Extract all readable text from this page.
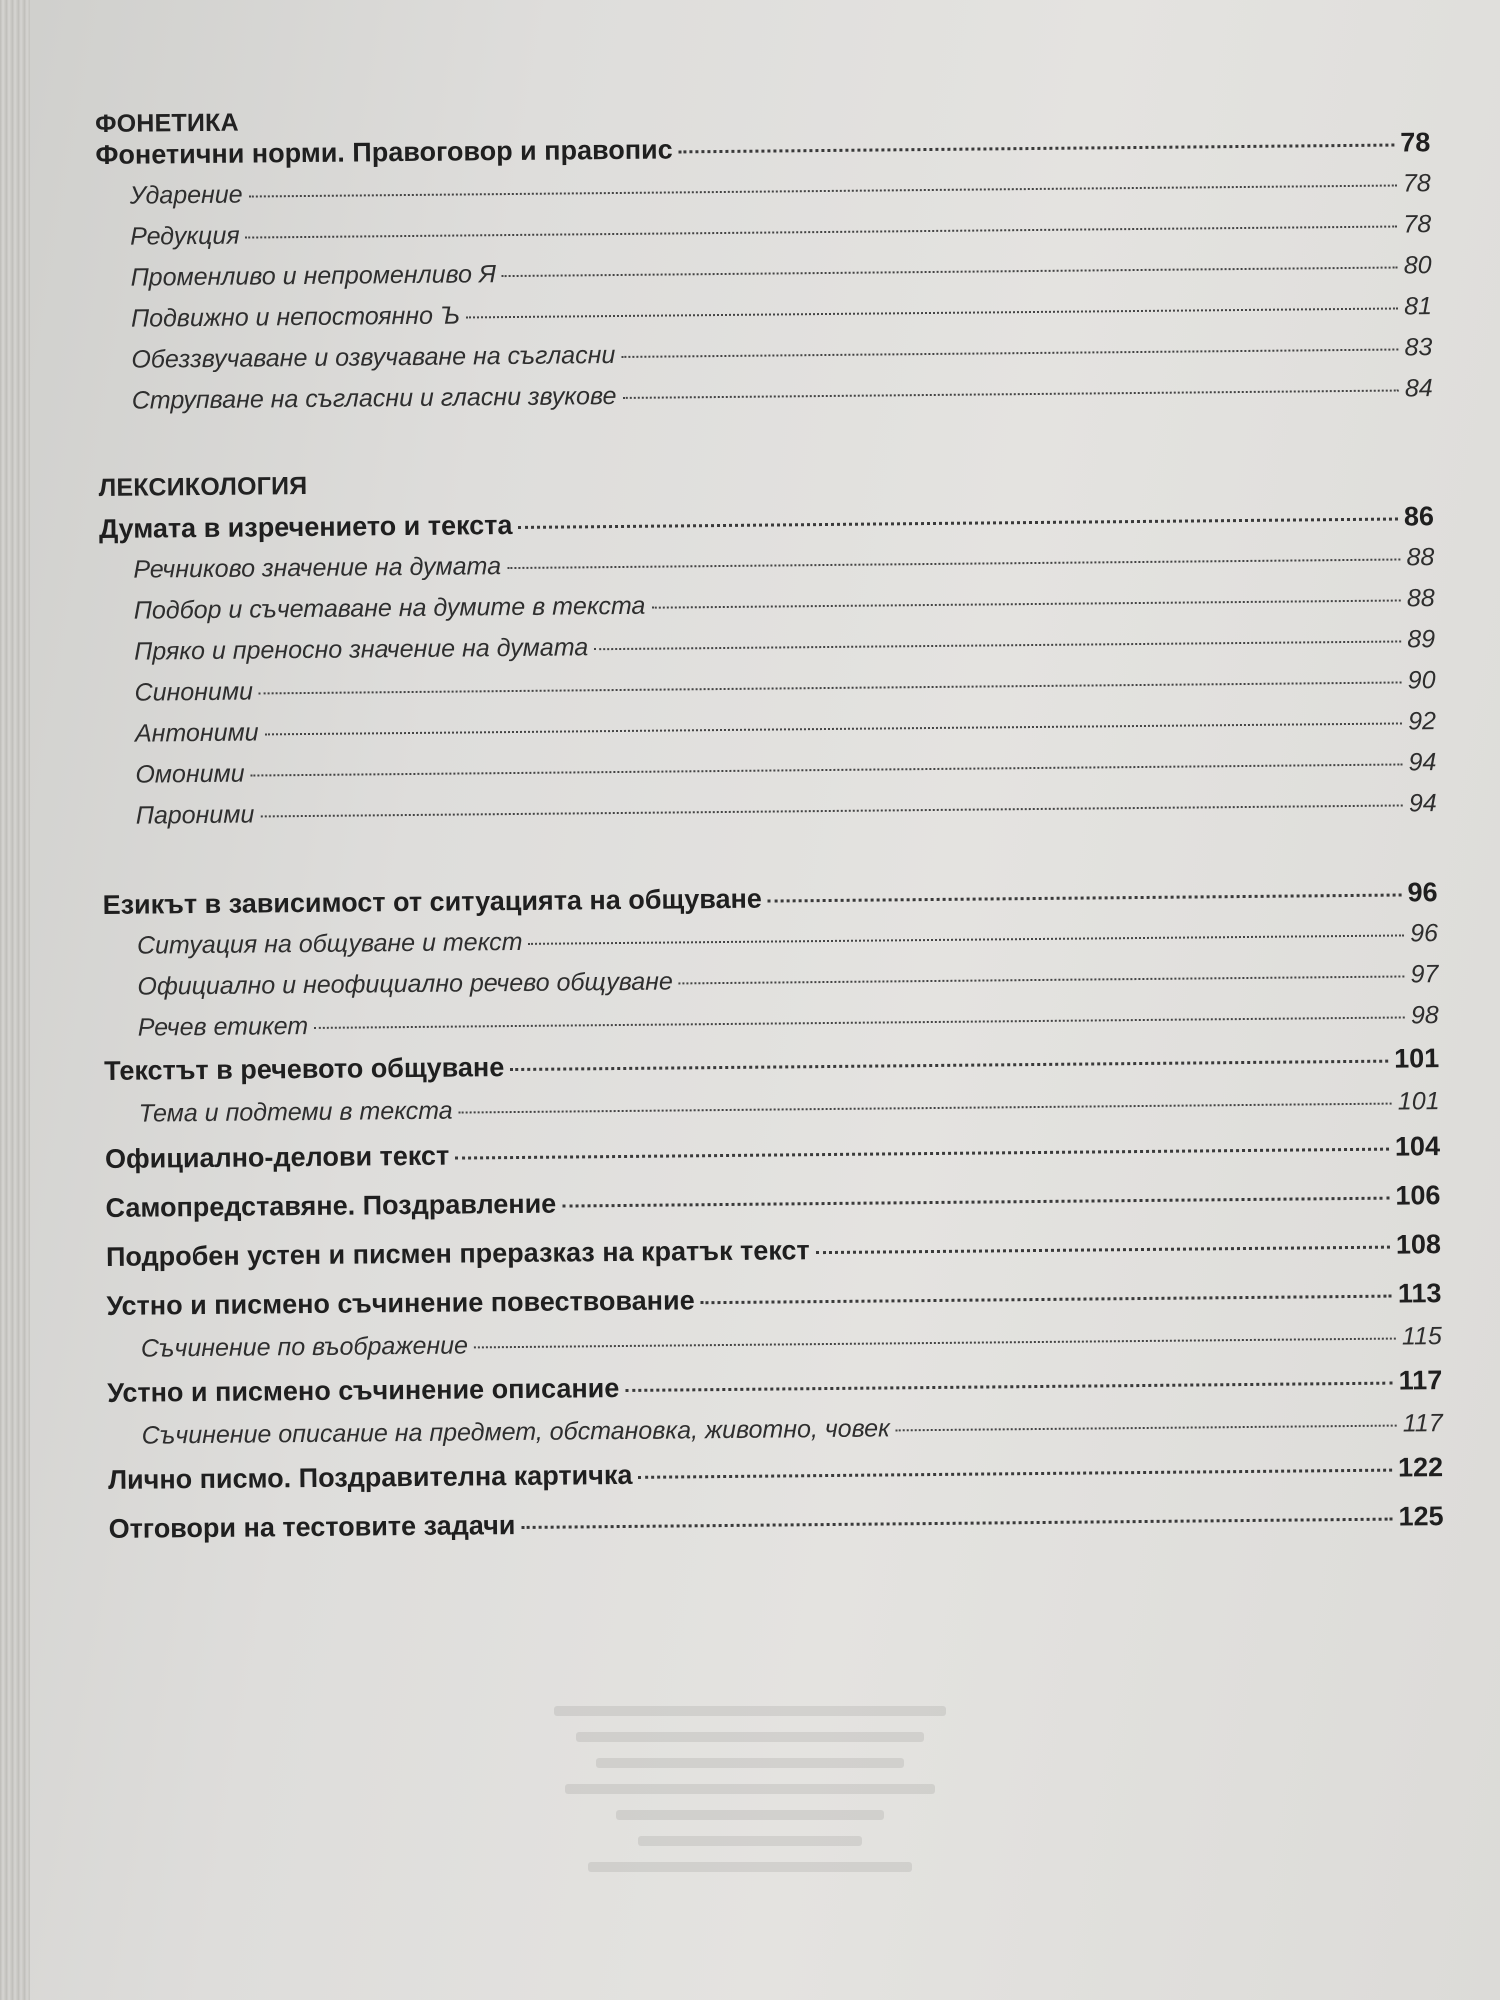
ФОНЕТИКА
Фонетични норми. Правоговор и правопис	78
Ударение	78
Редукция	78
Променливо и непроменливо Я	80
Подвижно и непостоянно Ъ	81
Обеззвучаване и озвучаване на съгласни	83
Струпване на съгласни и гласни звукове	84
ЛЕКСИКОЛОГИЯ
Думата в изречението и текста	86
Речниково значение на думата	88
Подбор и съчетаване на думите в текста	88
Пряко и преносно значение на думата	89
Синоними	90
Антоними	92
Омоними	94
Пароними	94
Езикът в зависимост от ситуацията на общуване	96
Ситуация на общуване и текст	96
Официално и неофициално речево общуване	97
Речев етикет	98
Текстът в речевото общуване	101
Тема и подтеми в текста	101
Официално-делови текст	104
Самопредставяне. Поздравление	106
Подробен устен и писмен преразказ на кратък текст	108
Устно и писмено съчинение повествование	113
Съчинение по въображение	115
Устно и писмено съчинение описание	117
Съчинение описание на предмет, обстановка, животно, човек	117
Лично писмо. Поздравителна картичка	122
Отговори на тестовите задачи	125
